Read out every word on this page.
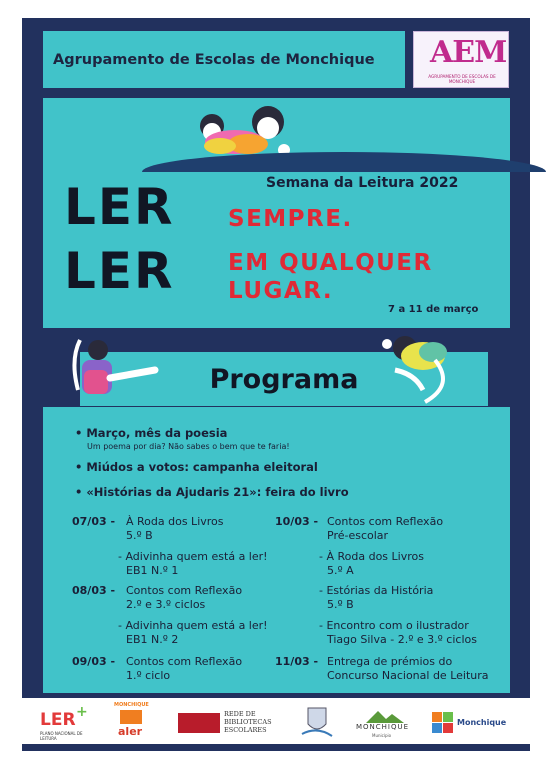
Agrupamento de Escolas de Monchique AEM
AGRUPAMENTO DE ESCOLAS DE MONCHIQUE
Semana da Leitura 2022
LER
LER
SEMPRE.
EM QUALQUER
LUGAR.
7 a 11 de março
Programa
• Março, mês da poesia
Um poema por dia? Não sabes o bem que te faria!
• Miúdos a votos: campanha eleitoral
• «Histórias da Ajudaris 21»: feira do livro
07/03 - À Roda dos Livros
5.º B
- Adivinha quem está a ler!
EB1 N.º 1
08/03 - Contos com Reflexão
2.º e 3.º ciclos
- Adivinha quem está a ler!
EB1 N.º 2
09/03 - Contos com Reflexão
1.º ciclo
10/03 - Contos com Reflexão
Pré-escolar
- À Roda dos Livros
5.º A
- Estórias da História
5.º B
- Encontro com o ilustrador
Tiago Silva - 2.º e 3.º ciclos
11/03 - Entrega de prémios do
Concurso Nacional de Leitura
LER +
PLANO NACIONAL DE LEITURA
MONCHIQUE
aler
REDE DE BIBLIOTECAS ESCOLARES	MONCHIQUE
Município
Monchique
